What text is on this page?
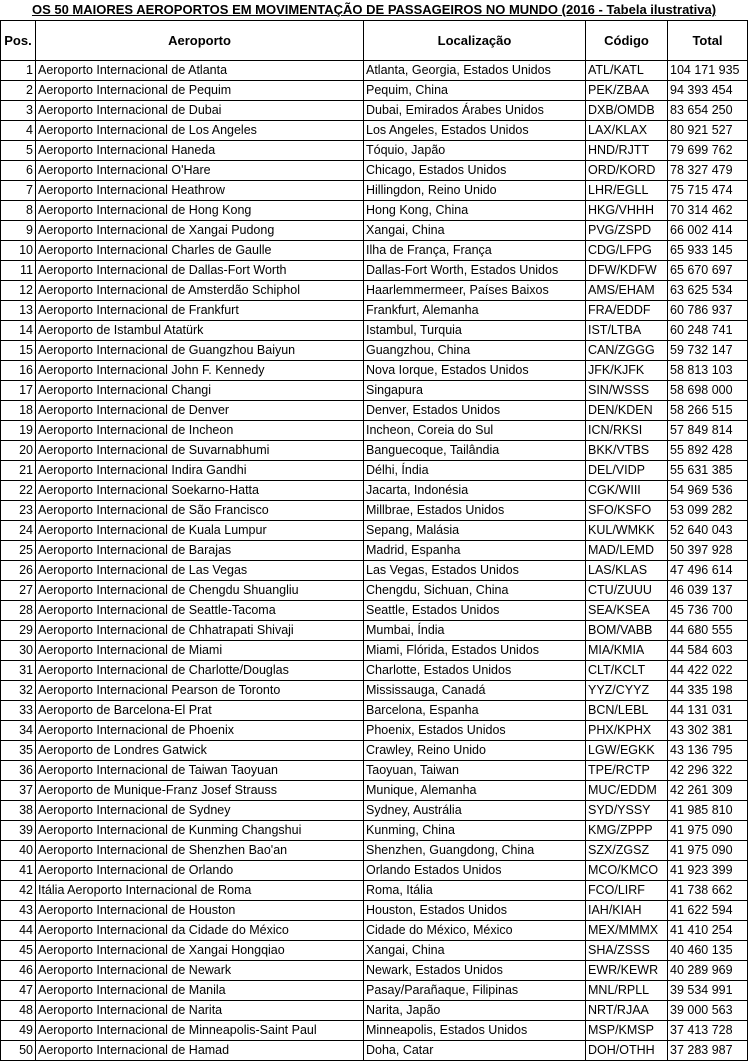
OS 50 MAIORES AEROPORTOS EM MOVIMENTAÇÃO DE PASSAGEIROS NO MUNDO (2016 - Tabela ilustrativa)
Pos.	Aeroporto	Localização	Código	Total
1	Aeroporto Internacional de Atlanta	Atlanta, Georgia, Estados Unidos	ATL/KATL	104 171 935
2	Aeroporto Internacional de Pequim	Pequim, China	PEK/ZBAA	94 393 454
3	Aeroporto Internacional de Dubai	Dubai, Emirados Árabes Unidos	DXB/OMDB	83 654 250
4	Aeroporto Internacional de Los Angeles	Los Angeles, Estados Unidos	LAX/KLAX	80 921 527
5	Aeroporto Internacional Haneda	Tóquio, Japão	HND/RJTT	79 699 762
6	Aeroporto Internacional O'Hare	Chicago, Estados Unidos	ORD/KORD	78 327 479
7	Aeroporto Internacional Heathrow	Hillingdon, Reino Unido	LHR/EGLL	75 715 474
8	Aeroporto Internacional de Hong Kong	Hong Kong, China	HKG/VHHH	70 314 462
9	Aeroporto Internacional de Xangai Pudong	Xangai, China	PVG/ZSPD	66 002 414
10	Aeroporto Internacional Charles de Gaulle	Ilha de França, França	CDG/LFPG	65 933 145
11	Aeroporto Internacional de Dallas-Fort Worth	Dallas-Fort Worth, Estados Unidos	DFW/KDFW	65 670 697
12	Aeroporto Internacional de Amsterdão Schiphol	Haarlemmermeer, Países Baixos	AMS/EHAM	63 625 534
13	Aeroporto Internacional de Frankfurt	Frankfurt, Alemanha	FRA/EDDF	60 786 937
14	Aeroporto de Istambul Atatürk	Istambul, Turquia	IST/LTBA	60 248 741
15	Aeroporto Internacional de Guangzhou Baiyun	Guangzhou, China	CAN/ZGGG	59 732 147
16	Aeroporto Internacional John F. Kennedy	Nova Iorque, Estados Unidos	JFK/KJFK	58 813 103
17	Aeroporto Internacional Changi	Singapura	SIN/WSSS	58 698 000
18	Aeroporto Internacional de Denver	Denver, Estados Unidos	DEN/KDEN	58 266 515
19	Aeroporto Internacional de Incheon	Incheon, Coreia do Sul	ICN/RKSI	57 849 814
20	Aeroporto Internacional de Suvarnabhumi	Banguecoque, Tailândia	BKK/VTBS	55 892 428
21	Aeroporto Internacional Indira Gandhi	Délhi, Índia	DEL/VIDP	55 631 385
22	Aeroporto Internacional Soekarno-Hatta	Jacarta, Indonésia	CGK/WIII	54 969 536
23	Aeroporto Internacional de São Francisco	Millbrae, Estados Unidos	SFO/KSFO	53 099 282
24	Aeroporto Internacional de Kuala Lumpur	Sepang, Malásia	KUL/WMKK	52 640 043
25	Aeroporto Internacional de Barajas	Madrid, Espanha	MAD/LEMD	50 397 928
26	Aeroporto Internacional de Las Vegas	Las Vegas, Estados Unidos	LAS/KLAS	47 496 614
27	Aeroporto Internacional de Chengdu Shuangliu	Chengdu, Sichuan, China	CTU/ZUUU	46 039 137
28	Aeroporto Internacional de Seattle-Tacoma	Seattle, Estados Unidos	SEA/KSEA	45 736 700
29	Aeroporto Internacional de Chhatrapati Shivaji	Mumbai, Índia	BOM/VABB	44 680 555
30	Aeroporto Internacional de Miami	Miami, Flórida, Estados Unidos	MIA/KMIA	44 584 603
31	Aeroporto Internacional de Charlotte/Douglas	Charlotte, Estados Unidos	CLT/KCLT	44 422 022
32	Aeroporto Internacional Pearson de Toronto	Mississauga, Canadá	YYZ/CYYZ	44 335 198
33	Aeroporto de Barcelona-El Prat	Barcelona, Espanha	BCN/LEBL	44 131 031
34	Aeroporto Internacional de Phoenix	Phoenix, Estados Unidos	PHX/KPHX	43 302 381
35	Aeroporto de Londres Gatwick	Crawley, Reino Unido	LGW/EGKK	43 136 795
36	Aeroporto Internacional de Taiwan Taoyuan	Taoyuan, Taiwan	TPE/RCTP	42 296 322
37	Aeroporto de Munique-Franz Josef Strauss	Munique, Alemanha	MUC/EDDM	42 261 309
38	Aeroporto Internacional de Sydney	Sydney, Austrália	SYD/YSSY	41 985 810
39	Aeroporto Internacional de Kunming Changshui	Kunming, China	KMG/ZPPP	41 975 090
40	Aeroporto Internacional de Shenzhen Bao'an	Shenzhen, Guangdong, China	SZX/ZGSZ	41 975 090
41	Aeroporto Internacional de Orlando	Orlando Estados Unidos	MCO/KMCO	41 923 399
42	Itália Aeroporto Internacional de Roma	Roma, Itália	FCO/LIRF	41 738 662
43	Aeroporto Internacional de Houston	Houston, Estados Unidos	IAH/KIAH	41 622 594
44	Aeroporto Internacional da Cidade do México	Cidade do México, México	MEX/MMMX	41 410 254
45	Aeroporto Internacional de Xangai Hongqiao	Xangai, China	SHA/ZSSS	40 460 135
46	Aeroporto Internacional de Newark	Newark, Estados Unidos	EWR/KEWR	40 289 969
47	Aeroporto Internacional de Manila	Pasay/Parañaque, Filipinas	MNL/RPLL	39 534 991
48	Aeroporto Internacional de Narita	Narita, Japão	NRT/RJAA	39 000 563
49	Aeroporto Internacional de Minneapolis-Saint Paul	Minneapolis, Estados Unidos	MSP/KMSP	37 413 728
50	Aeroporto Internacional de Hamad	Doha, Catar	DOH/OTHH	37 283 987
